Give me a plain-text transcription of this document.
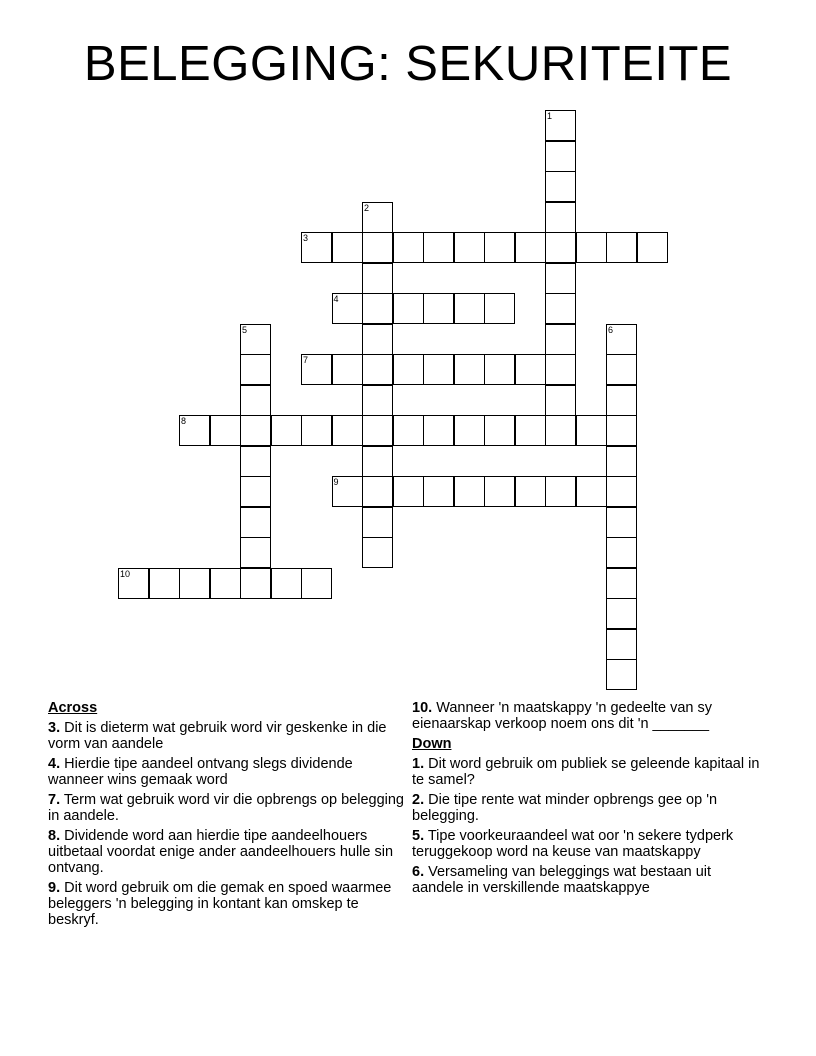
BELEGGING: SEKURITEITE
1
2
3
4
5	6
7
8
9
10
Across
3. Dit is dieterm wat gebruik word vir geskenke in die vorm van aandele
4. Hierdie tipe aandeel ontvang slegs dividende wanneer wins gemaak word
7. Term wat gebruik word vir die opbrengs op belegging in aandele.
8. Dividende word aan hierdie tipe aandeelhouers uitbetaal voordat enige ander aandeelhouers hulle sin ontvang.
9. Dit word gebruik om die gemak en spoed waarmee beleggers 'n belegging in kontant kan omskep te beskryf.
10. Wanneer 'n maatskappy 'n gedeelte van sy eienaarskap verkoop noem ons dit 'n _______
Down
1. Dit word gebruik om publiek se geleende kapitaal in te samel?
2. Die tipe rente wat minder opbrengs gee op 'n belegging.
5. Tipe voorkeuraandeel wat oor 'n sekere tydperk teruggekoop word na keuse van maatskappy
6. Versameling van beleggings wat bestaan uit aandele in verskillende maatskappye
